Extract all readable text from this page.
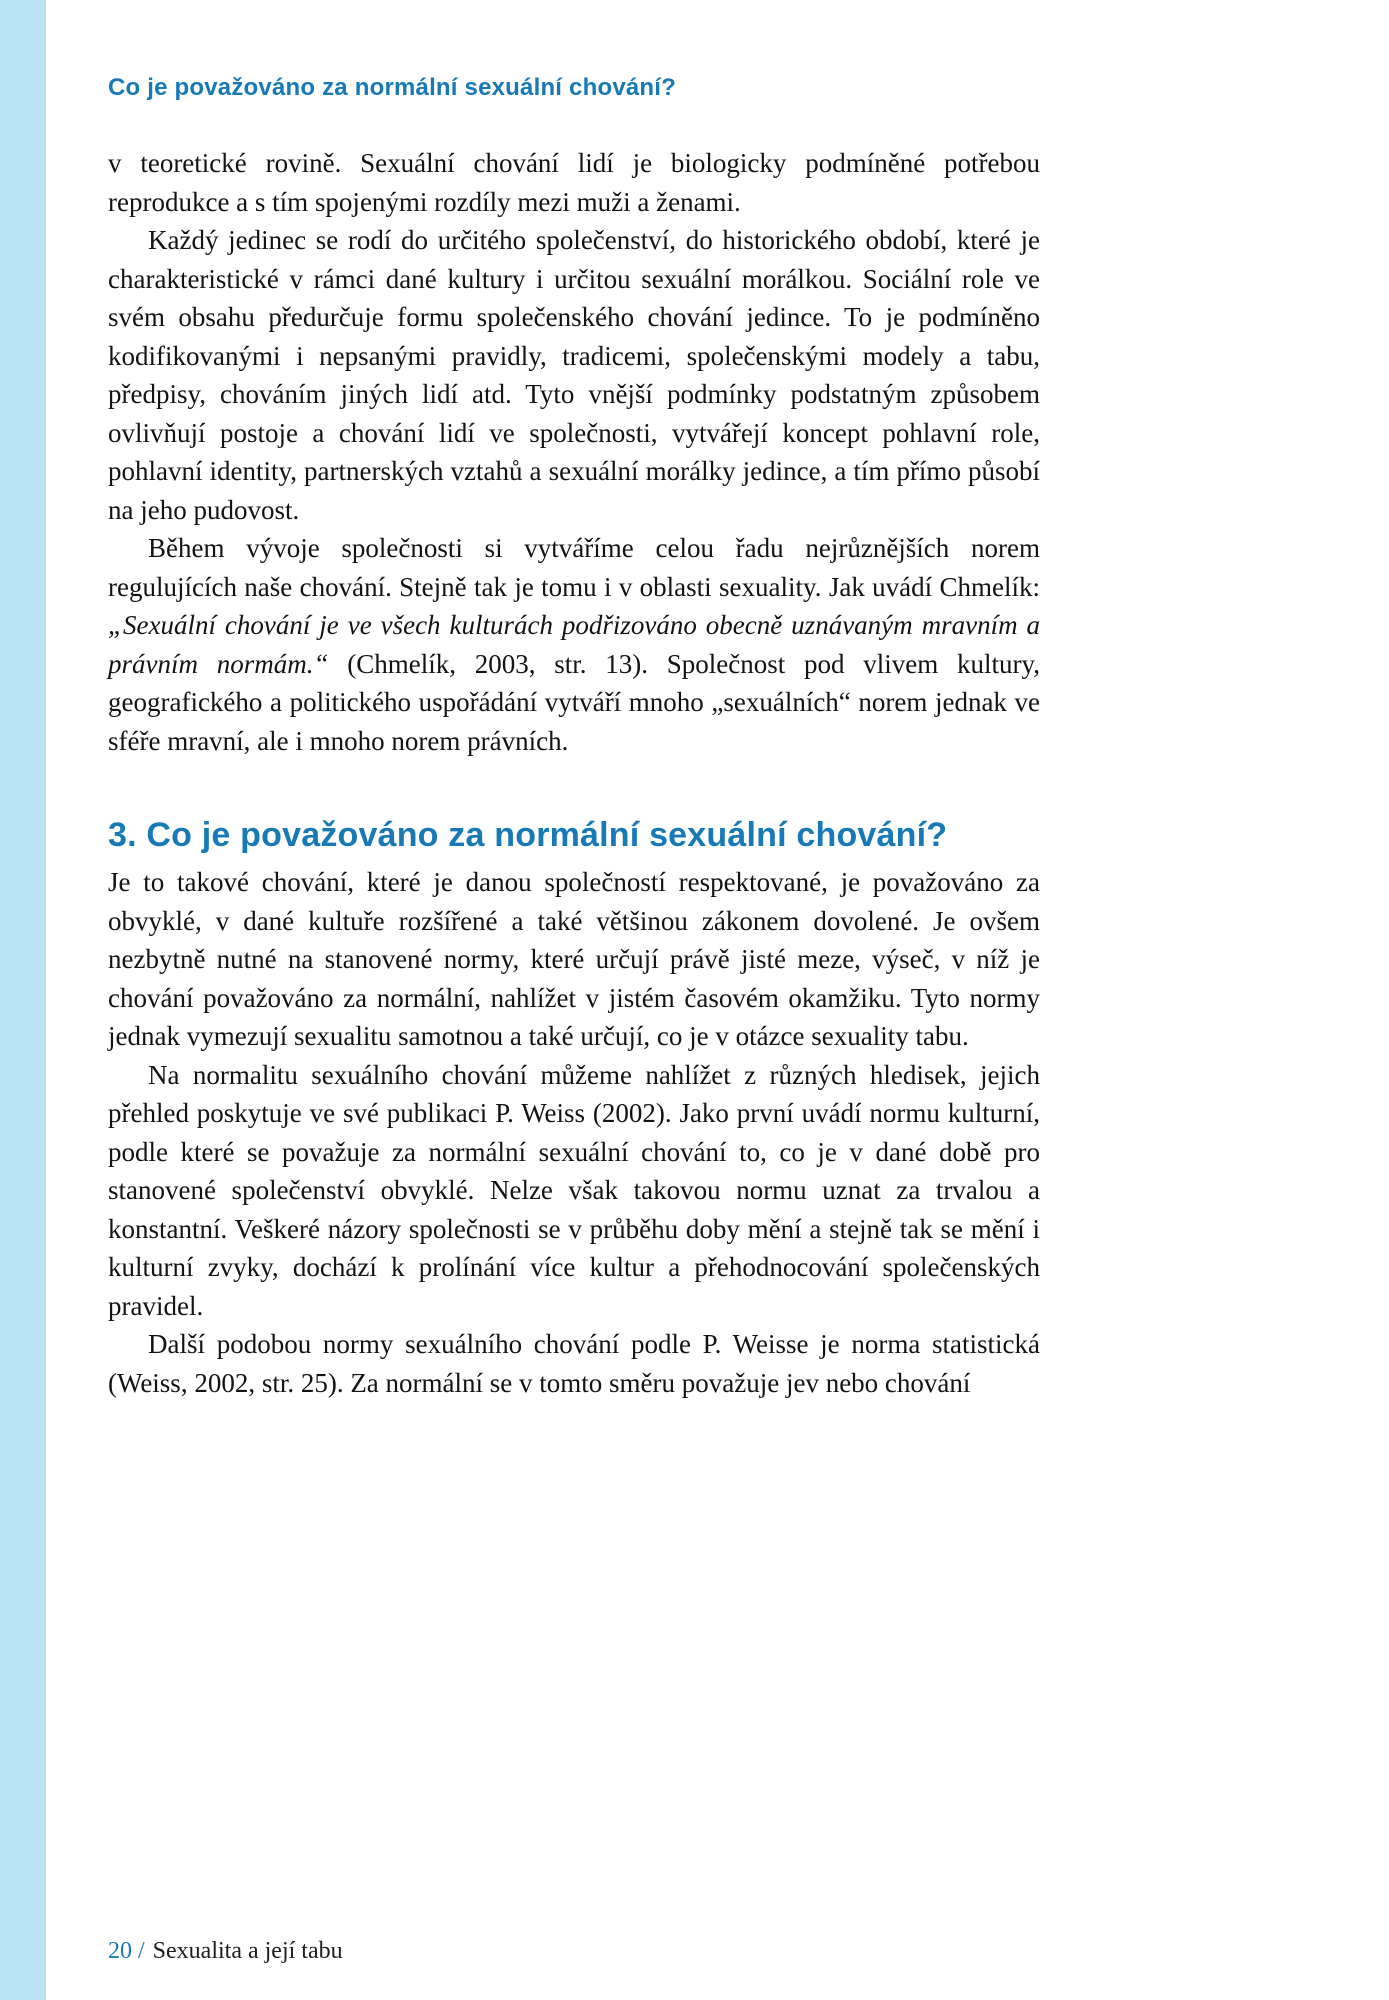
Co je považováno za normální sexuální chování?

v teoretické rovině. Sexuální chování lidí je biologicky podmíněné potřebou reprodukce a s tím spojenými rozdíly mezi muži a ženami.

Každý jedinec se rodí do určitého společenství, do historického období, které je charakteristické v rámci dané kultury i určitou sexuální morálkou. Sociální role ve svém obsahu předurčuje formu společenského chování jedince. To je podmíněno kodifikovanými i nepsanými pravidly, tradicemi, společenskými modely a tabu, předpisy, chováním jiných lidí atd. Tyto vnější podmínky podstatným způsobem ovlivňují postoje a chování lidí ve společnosti, vytvářejí koncept pohlavní role, pohlavní identity, partnerských vztahů a sexuální morálky jedince, a tím přímo působí na jeho pudovost.

Během vývoje společnosti si vytváříme celou řadu nejrůznějších norem regulujících naše chování. Stejně tak je tomu i v oblasti sexuality. Jak uvádí Chmelík: „Sexuální chování je ve všech kulturách podřizováno obecně uznávaným mravním a právním normám.“ (Chmelík, 2003, str. 13). Společnost pod vlivem kultury, geografického a politického uspořádání vytváří mnoho „sexuálních“ norem jednak ve sféře mravní, ale i mnoho norem právních.

3. Co je považováno za normální sexuální chování?

Je to takové chování, které je danou společností respektované, je považováno za obvyklé, v dané kultuře rozšířené a také většinou zákonem dovolené. Je ovšem nezbytně nutné na stanovené normy, které určují právě jisté meze, výseč, v níž je chování považováno za normální, nahlížet v jistém časovém okamžiku. Tyto normy jednak vymezují sexualitu samotnou a také určují, co je v otázce sexuality tabu.

Na normalitu sexuálního chování můžeme nahlížet z různých hledisek, jejich přehled poskytuje ve své publikaci P. Weiss (2002). Jako první uvádí normu kulturní, podle které se považuje za normální sexuální chování to, co je v dané době pro stanovené společenství obvyklé. Nelze však takovou normu uznat za trvalou a konstantní. Veškeré názory společnosti se v průběhu doby mění a stejně tak se mění i kulturní zvyky, dochází k prolínání více kultur a přehodnocování společenských pravidel.

Další podobou normy sexuálního chování podle P. Weisse je norma statistická (Weiss, 2002, str. 25). Za normální se v tomto směru považuje jev nebo chování

20 / Sexualita a její tabu
